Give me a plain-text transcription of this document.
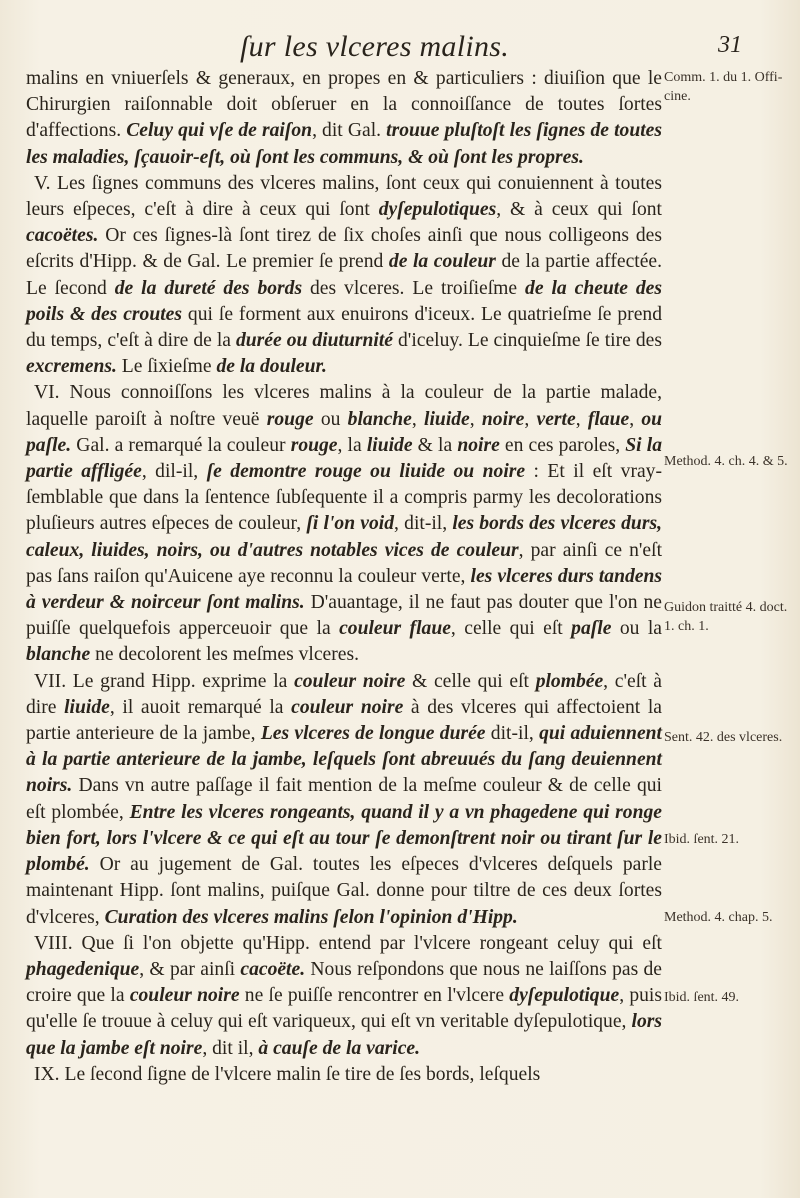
ſur les vlceres malins.	31

malins en vniuerſels & generaux, en propes en & particuliers : diuiſion que le Chirurgien raiſonnable doit obſeruer en la connoiſſance de toutes ſortes d'affections. Celuy qui vſe de raiſon, dit Gal. trouue pluſtoſt les ſignes de toutes les maladies, ſçauoir-eſt, où ſont les communs, & où ſont les propres.

V. Les ſignes communs des vlceres malins, ſont ceux qui conuiennent à toutes leurs eſpeces, c'eſt à dire à ceux qui ſont dyſepulotiques, & à ceux qui ſont cacoëtes. Or ces ſignes-là ſont tirez de ſix choſes ainſi que nous colligeons des eſcrits d'Hipp. & de Gal. Le premier ſe prend de la couleur de la partie affectée. Le ſecond de la dureté des bords des vlceres. Le troiſieſme de la cheute des poils & des croutes qui ſe forment aux enuirons d'iceux. Le quatrieſme ſe prend du temps, c'eſt à dire de la durée ou diuturnité d'iceluy. Le cinquieſme ſe tire des excremens. Le ſixieſme de la douleur.

VI. Nous connoiſſons les vlceres malins à la couleur de la partie malade, laquelle paroiſt à noſtre veuë rouge ou blanche, liuide, noire, verte, flaue, ou paſle. Gal. a remarqué la couleur rouge, la liuide & la noire en ces paroles, Si la partie affligée, dil-il, ſe demontre rouge ou liuide ou noire : Et il eſt vray-ſemblable que dans la ſentence ſubſequente il a compris parmy les decolorations pluſieurs autres eſpeces de couleur, ſi l'on void, dit-il, les bords des vlceres durs, caleux, liuides, noirs, ou d'autres notables vices de couleur, par ainſi ce n'eſt pas ſans raiſon qu'Auicene aye reconnu la couleur verte, les vlceres durs tandens à verdeur & noirceur ſont malins. D'auantage, il ne faut pas douter que l'on ne puiſſe quelquefois apperceuoir que la couleur flaue, celle qui eſt paſle ou la blanche ne decolorent les meſmes vlceres.

VII. Le grand Hipp. exprime la couleur noire & celle qui eſt plombée, c'eſt à dire liuide, il auoit remarqué la couleur noire à des vlceres qui affectoient la partie anterieure de la jambe, Les vlceres de longue durée dit-il, qui aduiennent à la partie anterieure de la jambe, leſquels ſont abreuués du ſang deuiennent noirs. Dans vn autre paſſage il fait mention de la meſme couleur & de celle qui eſt plombée, Entre les vlceres rongeants, quand il y a vn phagedene qui ronge bien fort, lors l'vlcere & ce qui eſt au tour ſe demonſtrent noir ou tirant ſur le plombé. Or au jugement de Gal. toutes les eſpeces d'vlceres deſquels parle maintenant Hipp. ſont malins, puiſque Gal. donne pour tiltre de ces deux ſortes d'vlceres, Curation des vlceres malins ſelon l'opinion d'Hipp.

VIII. Que ſi l'on objette qu'Hipp. entend par l'vlcere rongeant celuy qui eſt phagedenique, & par ainſi cacoëte. Nous reſpondons que nous ne laiſſons pas de croire que la couleur noire ne ſe puiſſe rencontrer en l'vlcere dyſepulotique, puis qu'elle ſe trouue à celuy qui eſt variqueux, qui eſt vn veritable dyſepulotique, lors que la jambe eſt noire, dit il, à cauſe de la varice.

IX. Le ſecond ſigne de l'vlcere malin ſe tire de ſes bords, leſquels

Comm. 1. du 1. Offi-cine.
Method. 4. ch. 4. & 5.
Guidon traitté 4. doct. 1. ch. 1.
Sent. 42. des vlceres.
Ibid. ſent. 21.
Method. 4. chap. 5.
Ibid. ſent. 49.
